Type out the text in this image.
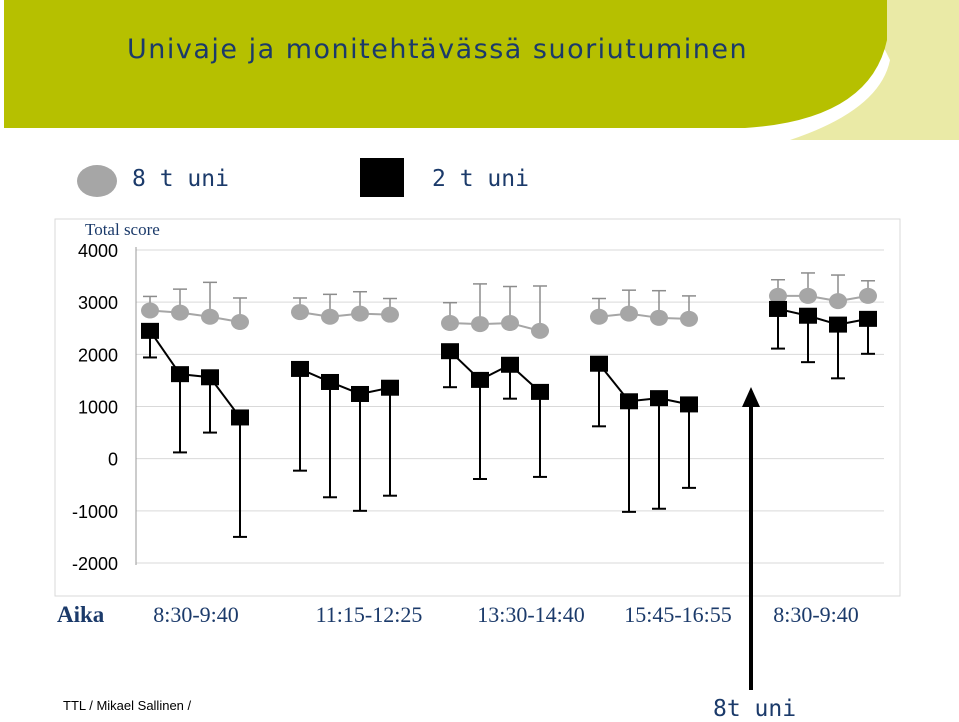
Univaje ja monitehtävässä suoriutuminen
8 t uni	2 t uni
4000
3000
2000
1000
0
-1000
-2000
Total score
Aika 8:30-9:40	11:15-12:25 13:30-14:40 15:45-16:55 8:30-9:40
TTL / Mikael Sallinen /	8t uni
